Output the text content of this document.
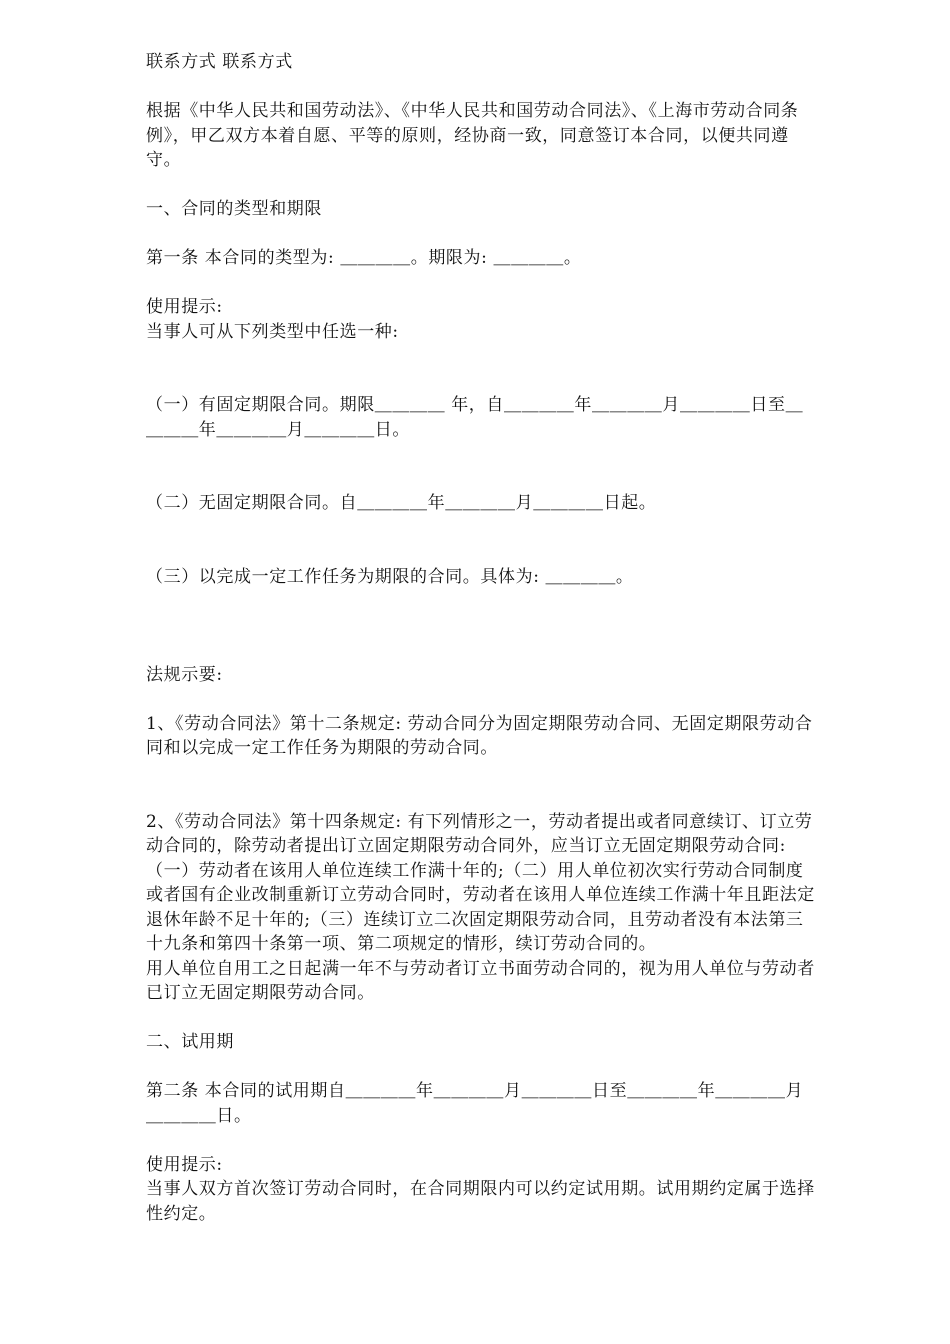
联系方式 联系方式

根据《中华人民共和国劳动法》、《中华人民共和国劳动合同法》、《上海市劳动合同条例》，甲乙双方本着自愿、平等的原则，经协商一致，同意签订本合同，以便共同遵守。

一、合同的类型和期限

第一条 本合同的类型为: ＿＿＿＿。期限为: ＿＿＿＿。

使用提示:

当事人可从下列类型中任选一种:

（一）有固定期限合同。期限＿＿＿＿ 年，自＿＿＿＿年＿＿＿＿月＿＿＿＿日至＿＿＿＿年＿＿＿＿月＿＿＿＿日。

（二）无固定期限合同。自＿＿＿＿年＿＿＿＿月＿＿＿＿日起。

（三）以完成一定工作任务为期限的合同。具体为: ＿＿＿＿。

法规示要:

1、《劳动合同法》第十二条规定: 劳动合同分为固定期限劳动合同、无固定期限劳动合同和以完成一定工作任务为期限的劳动合同。

2、《劳动合同法》第十四条规定: 有下列情形之一，劳动者提出或者同意续订、订立劳动合同的，除劳动者提出订立固定期限劳动合同外，应当订立无固定期限劳动合同:（一）劳动者在该用人单位连续工作满十年的;（二）用人单位初次实行劳动合同制度或者国有企业改制重新订立劳动合同时，劳动者在该用人单位连续工作满十年且距法定退休年龄不足十年的;（三）连续订立二次固定期限劳动合同，且劳动者没有本法第三十九条和第四十条第一项、第二项规定的情形，续订劳动合同的。

用人单位自用工之日起满一年不与劳动者订立书面劳动合同的，视为用人单位与劳动者已订立无固定期限劳动合同。

二、试用期

第二条 本合同的试用期自＿＿＿＿年＿＿＿＿月＿＿＿＿日至＿＿＿＿年＿＿＿＿月＿＿＿＿日。

使用提示:

当事人双方首次签订劳动合同时，在合同期限内可以约定试用期。试用期约定属于选择性约定。
